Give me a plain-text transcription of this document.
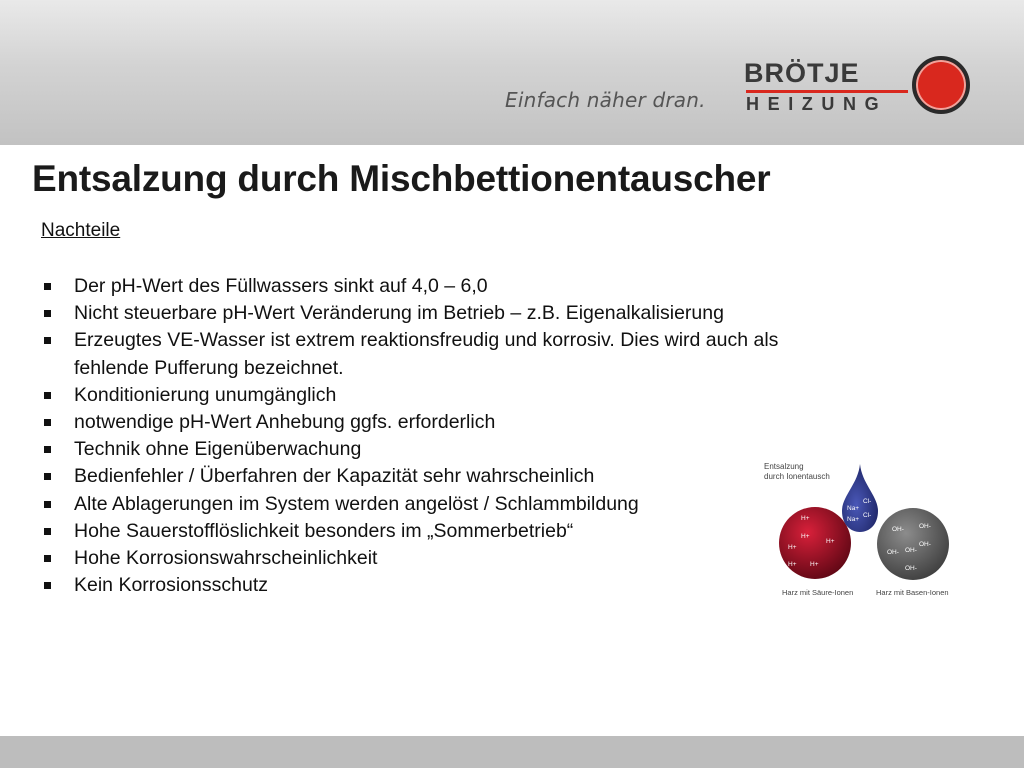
Einfach näher dran.
BRÖTJE
HEIZUNG
Entsalzung durch Mischbettionentauscher
Nachteile
Der pH-Wert des Füllwassers sinkt auf 4,0 – 6,0
Nicht steuerbare pH-Wert Veränderung im Betrieb – z.B. Eigenalkalisierung
Erzeugtes VE-Wasser ist extrem reaktionsfreudig und korrosiv. Dies wird auch als fehlende Pufferung bezeichnet.
Konditionierung unumgänglich
notwendige pH-Wert Anhebung ggfs. erforderlich
Technik ohne Eigenüberwachung
Bedienfehler / Überfahren der Kapazität sehr wahrscheinlich
Alte Ablagerungen im System werden angelöst / Schlammbildung
Hohe Sauerstofflöslichkeit besonders im „Sommerbetrieb“
Hohe Korrosionswahrscheinlichkeit
Kein Korrosionsschutz
Entsalzung
durch Ionentausch
H+
H+
H+
H+
H+ H+
Na+
Cl-
Na+
Cl-
OH- OH-
OH-
OH- OH-
OH-
Harz mit Säure-Ionen	Harz mit Basen-Ionen
